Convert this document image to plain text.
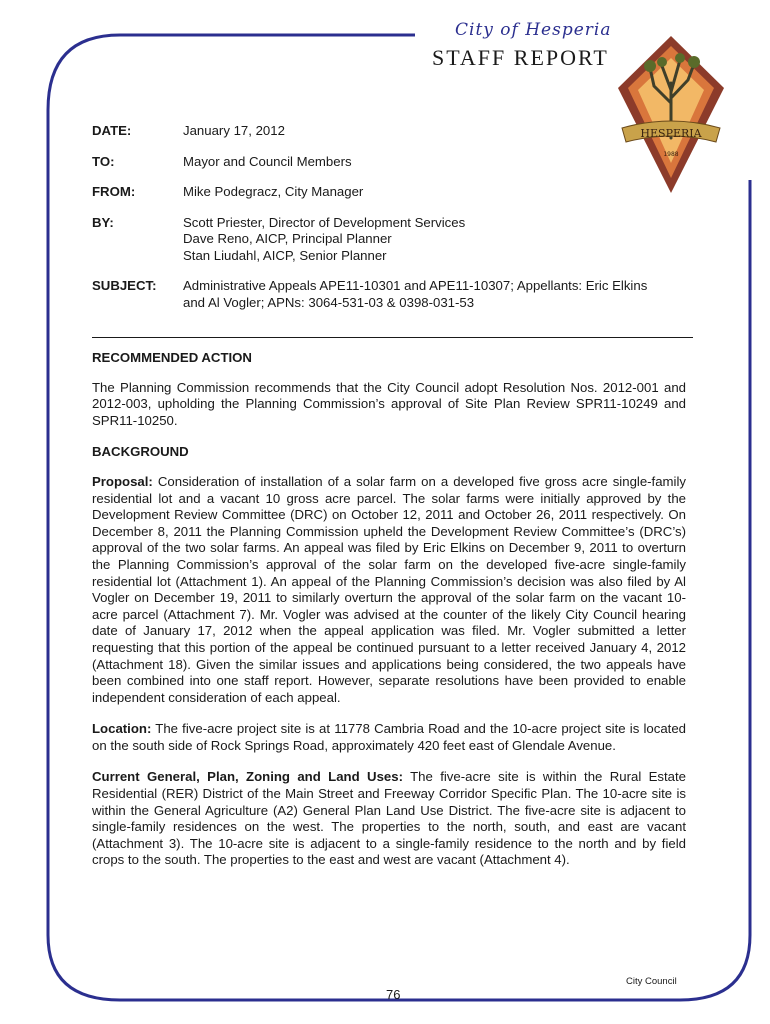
City of Hesperia
STAFF REPORT
HESPERIA
1988
DATE:	January 17, 2012
TO:	Mayor and Council Members
FROM:	Mike Podegracz, City Manager
BY:	Scott Priester, Director of Development Services
Dave Reno, AICP, Principal Planner
Stan Liudahl, AICP, Senior Planner
SUBJECT:	Administrative Appeals APE11-10301 and APE11-10307; Appellants: Eric Elkins
and Al Vogler; APNs: 3064-531-03 & 0398-031-53
RECOMMENDED ACTION
The Planning Commission recommends that the City Council adopt Resolution Nos. 2012-001 and 2012-003, upholding the Planning Commission’s approval of Site Plan Review SPR11-10249 and SPR11-10250.
BACKGROUND
Proposal: Consideration of installation of a solar farm on a developed five gross acre single-family residential lot and a vacant 10 gross acre parcel. The solar farms were initially approved by the Development Review Committee (DRC) on October 12, 2011 and October 26, 2011 respectively. On December 8, 2011 the Planning Commission upheld the Development Review Committee’s (DRC’s) approval of the two solar farms. An appeal was filed by Eric Elkins on December 9, 2011 to overturn the Planning Commission’s approval of the solar farm on the developed five-acre single-family residential lot (Attachment 1). An appeal of the Planning Commission’s decision was also filed by Al Vogler on December 19, 2011 to similarly overturn the approval of the solar farm on the vacant 10-acre parcel (Attachment 7). Mr. Vogler was advised at the counter of the likely City Council hearing date of January 17, 2012 when the appeal application was filed. Mr. Vogler submitted a letter requesting that this portion of the appeal be continued pursuant to a letter received January 4, 2012 (Attachment 18). Given the similar issues and applications being considered, the two appeals have been combined into one staff report. However, separate resolutions have been provided to enable independent consideration of each appeal.
Location: The five-acre project site is at 11778 Cambria Road and the 10-acre project site is located on the south side of Rock Springs Road, approximately 420 feet east of Glendale Avenue.
Current General, Plan, Zoning and Land Uses: The five-acre site is within the Rural Estate Residential (RER) District of the Main Street and Freeway Corridor Specific Plan. The 10-acre site is within the General Agriculture (A2) General Plan Land Use District. The five-acre site is adjacent to single-family residences on the west. The properties to the north, south, and east are vacant (Attachment 3). The 10-acre site is adjacent to a single-family residence to the north and by field crops to the south. The properties to the east and west are vacant (Attachment 4).
City Council
76
